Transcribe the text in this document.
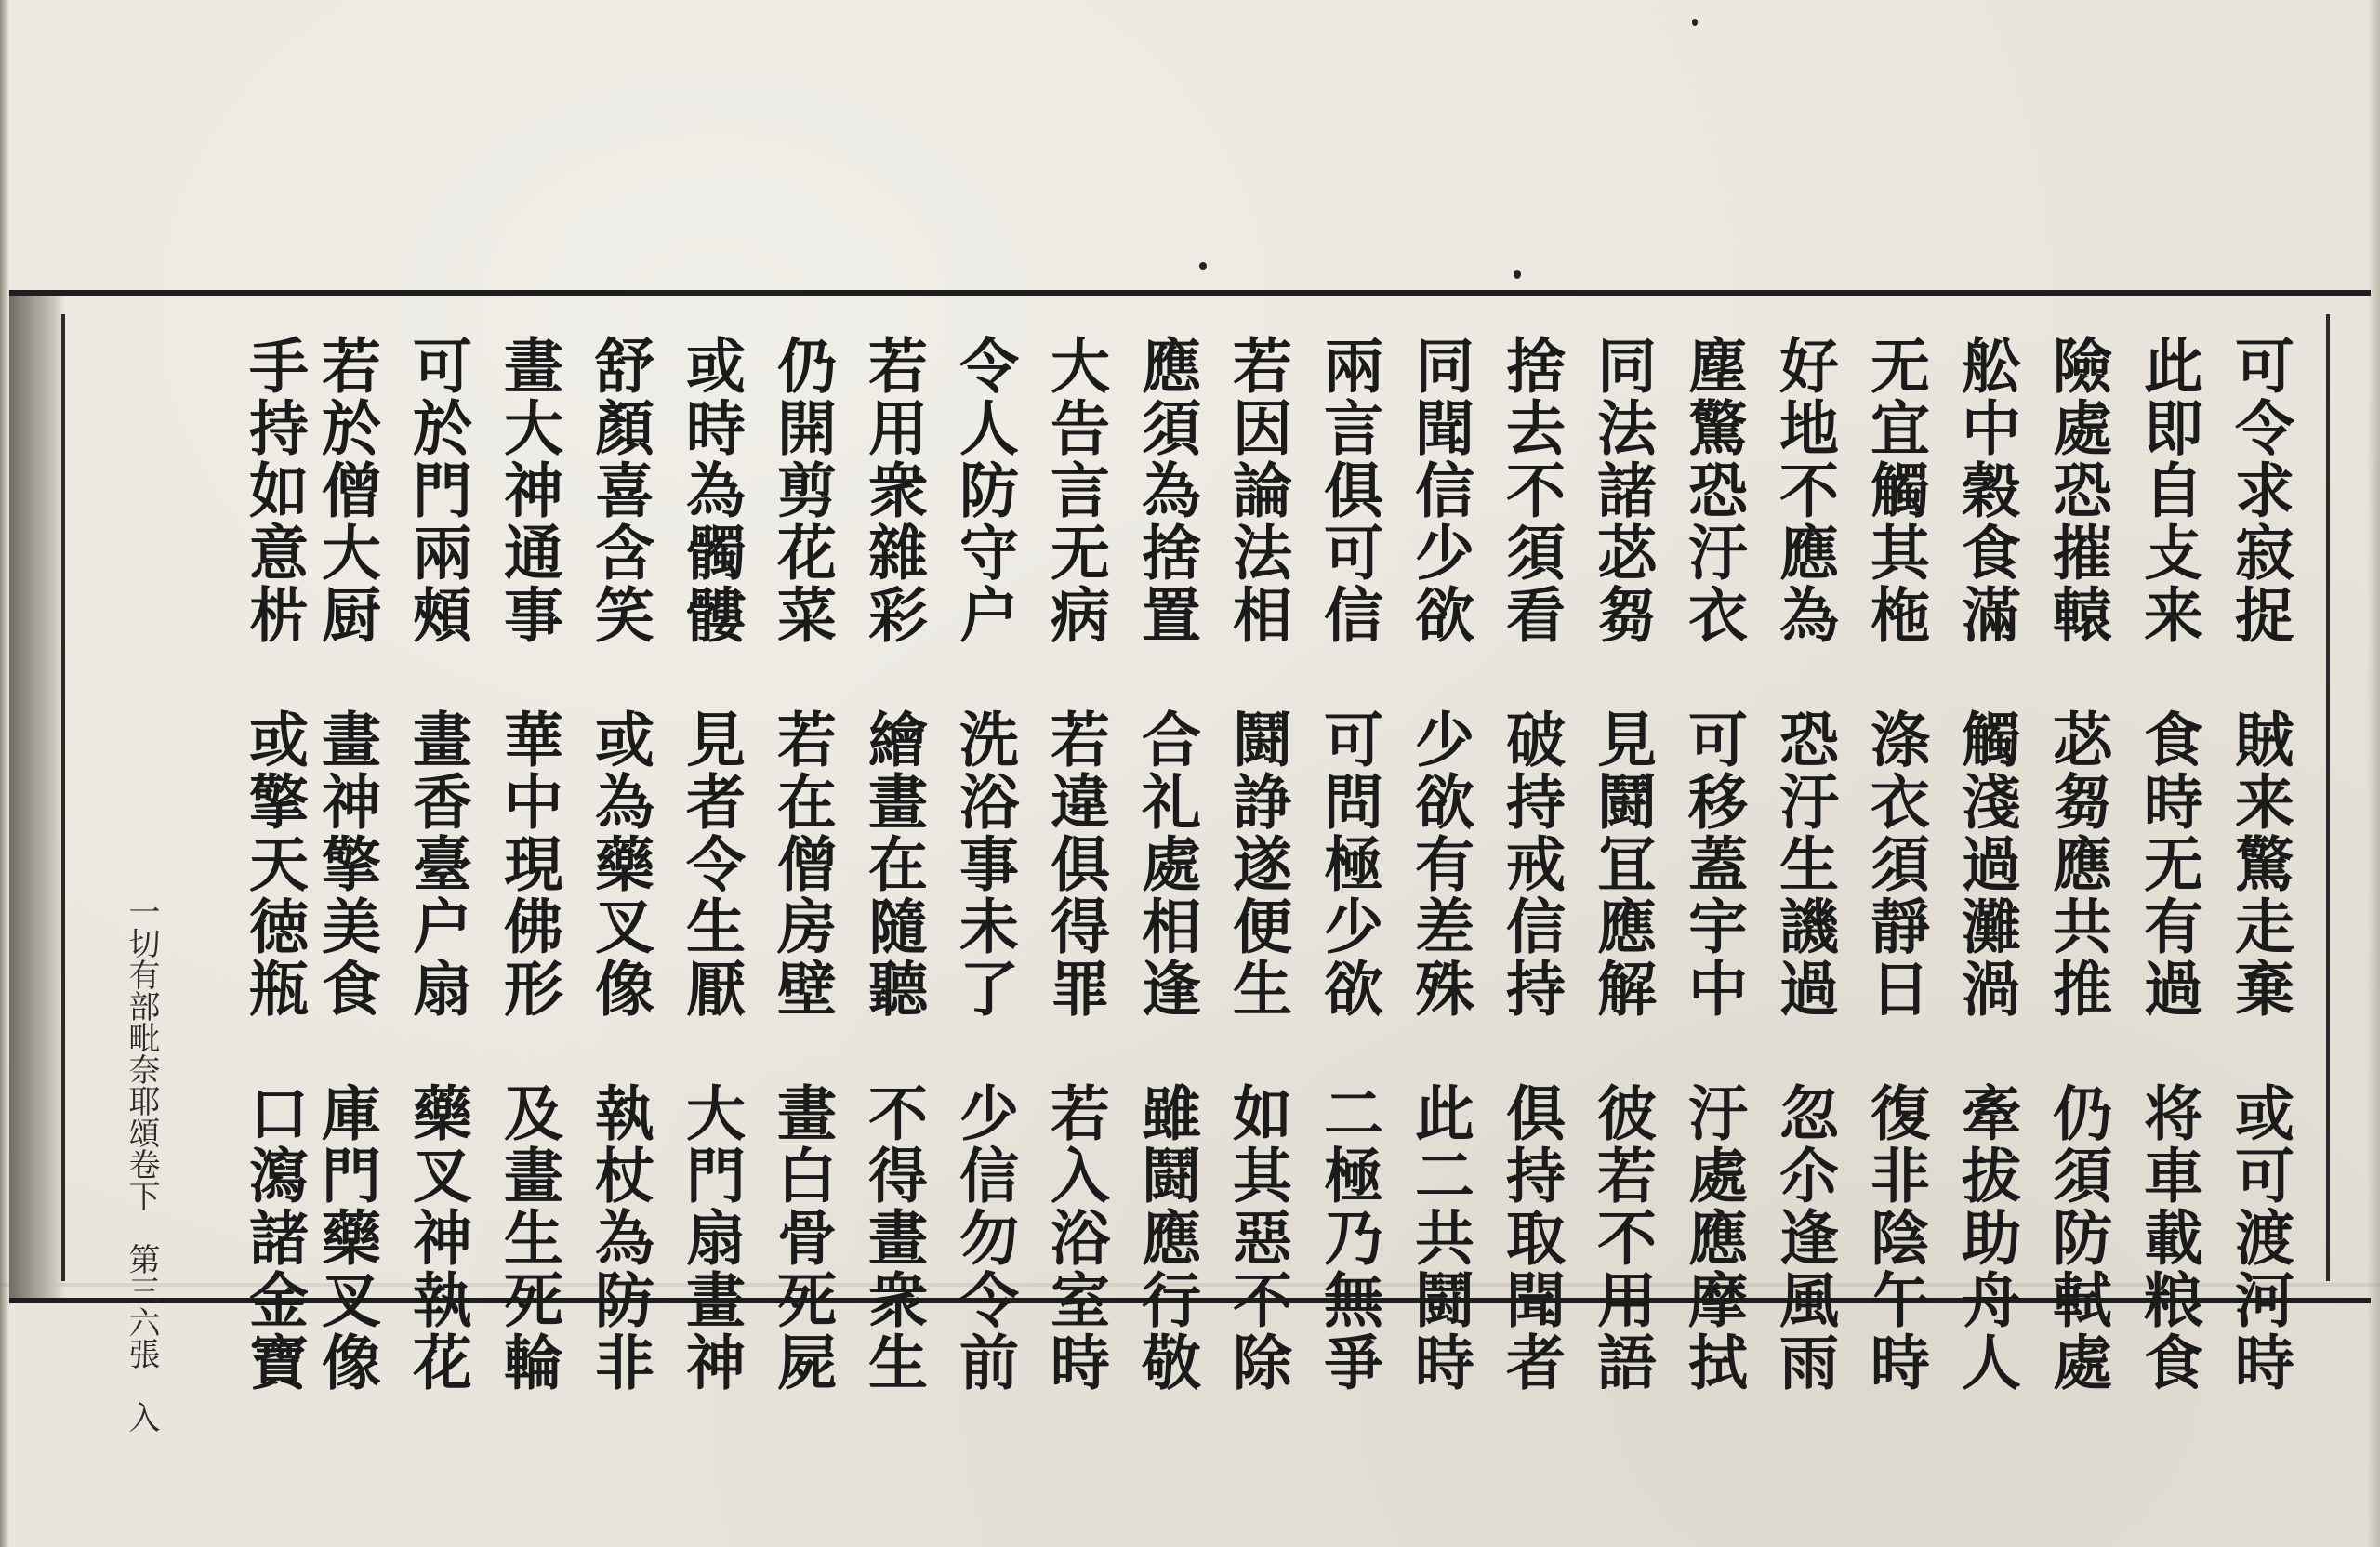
可令求寂捉　賊来驚走棄　或可渡河時
此即自攴来　食時无有過　将車載粮食
險處恐摧轅　苾芻應共推　仍須防軾處
舩中穀食滿　觸淺過灘渦　牽拔助舟人
无宜觸其柂　涤衣須靜日　復非陰午時
好地不應為　恐汙生譏過　忽尒逢風雨
塵驚恐汙衣　可移蓋宇中　汙處應摩拭
同法諸苾芻　見鬪冝應解　彼若不用語
捨去不須看　破持戒信持　俱持取聞者
同聞信少欲　少欲有差殊　此二共鬪時
兩言俱可信　可問極少欲　二極乃無爭
若因論法相　鬪諍遂便生　如其惡不除
應須為捨置　合礼處相逢　雖鬪應行敬
大告言无病　若違俱得罪　若入浴室時
令人防守户　洗浴事未了　少信勿令前
若用衆雜彩　繪畫在隨聽　不得畫衆生
仍開剪花菜　若在僧房壁　畫白骨死屍
或時為髑髏　見者令生厭　大門扇畫神
舒顏喜含笑　或為藥叉像　執杖為防非
畫大神通事　華中現佛形　及畫生死輪
可於門兩頰　畫香臺户扇　藥叉神執花
若於僧大厨　畫神擎美食　庫門藥叉像
手持如意㭊　或擎天徳瓶　口瀉諸金寶

一切有部毗奈耶頌卷下　第三六張　入
